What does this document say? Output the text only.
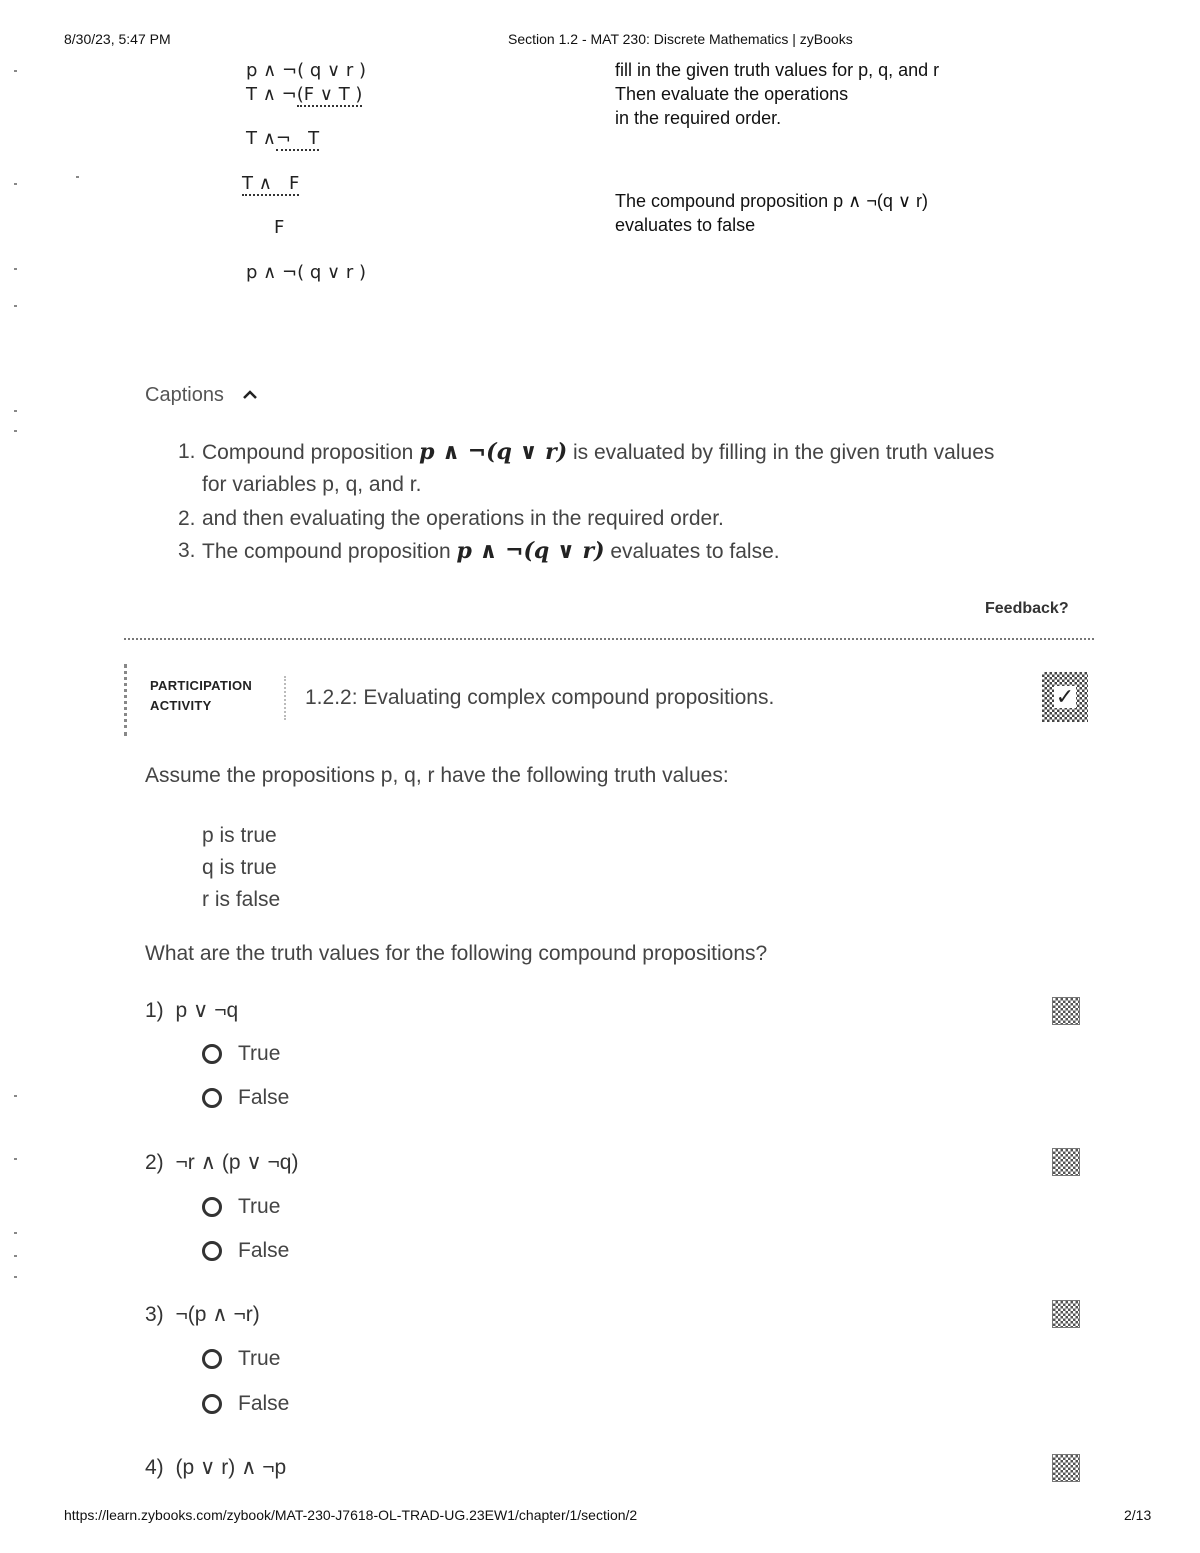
8/30/23, 5:47 PM	Section 1.2 - MAT 230: Discrete Mathematics | zyBooks
p ∧ ¬( q ∨ r )
T ∧ ¬(F ∨ T )
T ∧¬   T
T ∧   F
F
p ∧ ¬( q ∨ r )
fill in the given truth values for p, q, and r
Then evaluate the operations
in the required order.
The compound proposition p ∧ ¬(q ∨ r)
evaluates to false
Captions
1. Compound proposition p ∧ ¬(q ∨ r) is evaluated by filling in the given truth values
for variables p, q, and r.
2. and then evaluating the operations in the required order.
3. The compound proposition p ∧ ¬(q ∨ r) evaluates to false.
Feedback?
PARTICIPATION
ACTIVITY	1.2.2: Evaluating complex compound propositions.	✓
Assume the propositions p, q, r have the following truth values:
p is true
q is true
r is false
What are the truth values for the following compound propositions?
1) p ∨ ¬q
True
False
2) ¬r ∧ (p ∨ ¬q)
True
False
3) ¬(p ∧ ¬r)
True
False
4) (p ∨ r) ∧ ¬p
https://learn.zybooks.com/zybook/MAT-230-J7618-OL-TRAD-UG.23EW1/chapter/1/section/2	2/13
